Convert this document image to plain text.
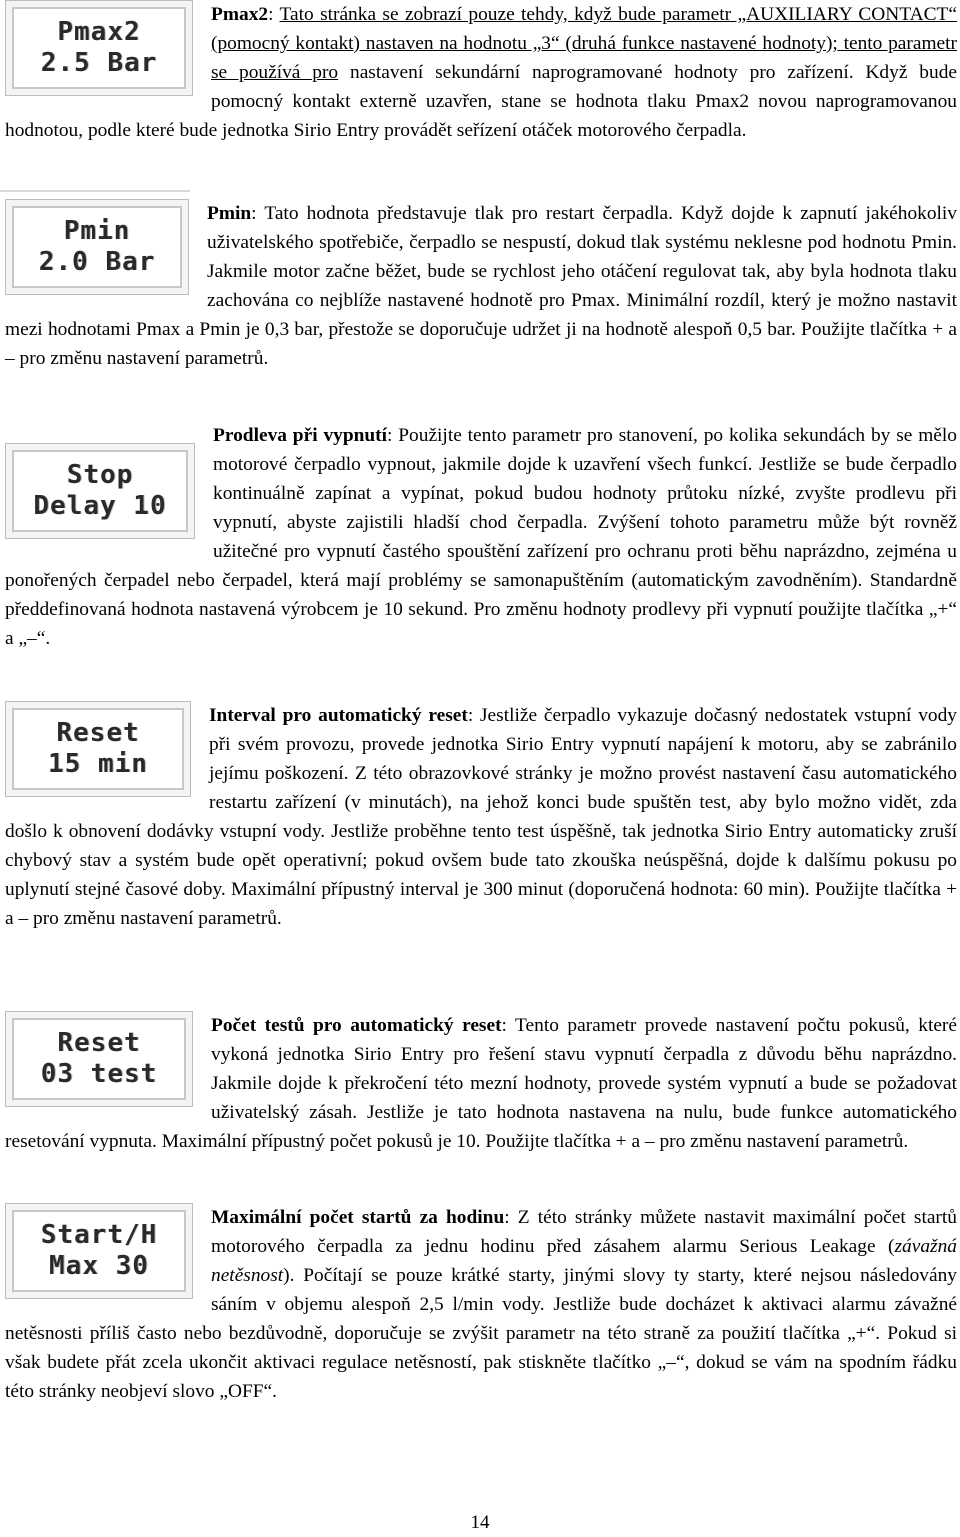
Pmax2
2.5 Bar

Pmax2: Tato stránka se zobrazí pouze tehdy, když bude parametr „AUXILIARY CONTACT“ (pomocný kontakt) nastaven na hodnotu „3“ (druhá funkce nastavené hodnoty); tento parametr se používá pro nastavení sekundární naprogramované hodnoty pro zařízení. Když bude pomocný kontakt externě uzavřen, stane se hodnota tlaku Pmax2 novou naprogramovanou hodnotou, podle které bude jednotka Sirio Entry provádět seřízení otáček motorového čerpadla.

Pmin
2.0 Bar

Pmin: Tato hodnota představuje tlak pro restart čerpadla. Když dojde k zapnutí jakéhokoliv uživatelského spotřebiče, čerpadlo se nespustí, dokud tlak systému neklesne pod hodnotu Pmin. Jakmile motor začne běžet, bude se rychlost jeho otáčení regulovat tak, aby byla hodnota tlaku zachována co nejblíže nastavené hodnotě pro Pmax. Minimální rozdíl, který je možno nastavit mezi hodnotami Pmax a Pmin je 0,3 bar, přestože se doporučuje udržet ji na hodnotě alespoň 0,5 bar. Použijte tlačítka + a – pro změnu nastavení parametrů.

Stop
Delay 10

Prodleva při vypnutí: Použijte tento parametr pro stanovení, po kolika sekundách by se mělo motorové čerpadlo vypnout, jakmile dojde k uzavření všech funkcí. Jestliže se bude čerpadlo kontinuálně zapínat a vypínat, pokud budou hodnoty průtoku nízké, zvyšte prodlevu při vypnutí, abyste zajistili hladší chod čerpadla. Zvýšení tohoto parametru může být rovněž užitečné pro vypnutí častého spouštění zařízení pro ochranu proti běhu naprázdno, zejména u ponořených čerpadel nebo čerpadel, která mají problémy se samonapuštěním (automatickým zavodněním). Standardně předdefinovaná hodnota nastavená výrobcem je 10 sekund. Pro změnu hodnoty prodlevy při vypnutí použijte tlačítka „+“ a „–“.

Reset
15 min

Interval pro automatický reset: Jestliže čerpadlo vykazuje dočasný nedostatek vstupní vody při svém provozu, provede jednotka Sirio Entry vypnutí napájení k motoru, aby se zabránilo jejímu poškození. Z této obrazovkové stránky je možno provést nastavení času automatického restartu zařízení (v minutách), na jehož konci bude spuštěn test, aby bylo možno vidět, zda došlo k obnovení dodávky vstupní vody. Jestliže proběhne tento test úspěšně, tak jednotka Sirio Entry automaticky zruší chybový stav a systém bude opět operativní; pokud ovšem bude tato zkouška neúspěšná, dojde k dalšímu pokusu po uplynutí stejné časové doby. Maximální přípustný interval je 300 minut (doporučená hodnota: 60 min). Použijte tlačítka + a – pro změnu nastavení parametrů.

Reset
03 test

Počet testů pro automatický reset: Tento parametr provede nastavení počtu pokusů, které vykoná jednotka Sirio Entry pro řešení stavu vypnutí čerpadla z důvodu běhu naprázdno. Jakmile dojde k překročení této mezní hodnoty, provede systém vypnutí a bude se požadovat uživatelský zásah. Jestliže je tato hodnota nastavena na nulu, bude funkce automatického resetování vypnuta. Maximální přípustný počet pokusů je 10. Použijte tlačítka + a – pro změnu nastavení parametrů.

Start/H
Max 30

Maximální počet startů za hodinu: Z této stránky můžete nastavit maximální počet startů motorového čerpadla za jednu hodinu před zásahem alarmu Serious Leakage (závažná netěsnost). Počítají se pouze krátké starty, jinými slovy ty starty, které nejsou následovány sáním v objemu alespoň 2,5 l/min vody. Jestliže bude docházet k aktivaci alarmu závažné netěsnosti příliš často nebo bezdůvodně, doporučuje se zvýšit parametr na této straně za použití tlačítka „+“. Pokud si však budete přát zcela ukončit aktivaci regulace netěsností, pak stiskněte tlačítko „–“, dokud se vám na spodním řádku této stránky neobjeví slovo „OFF“.

14
